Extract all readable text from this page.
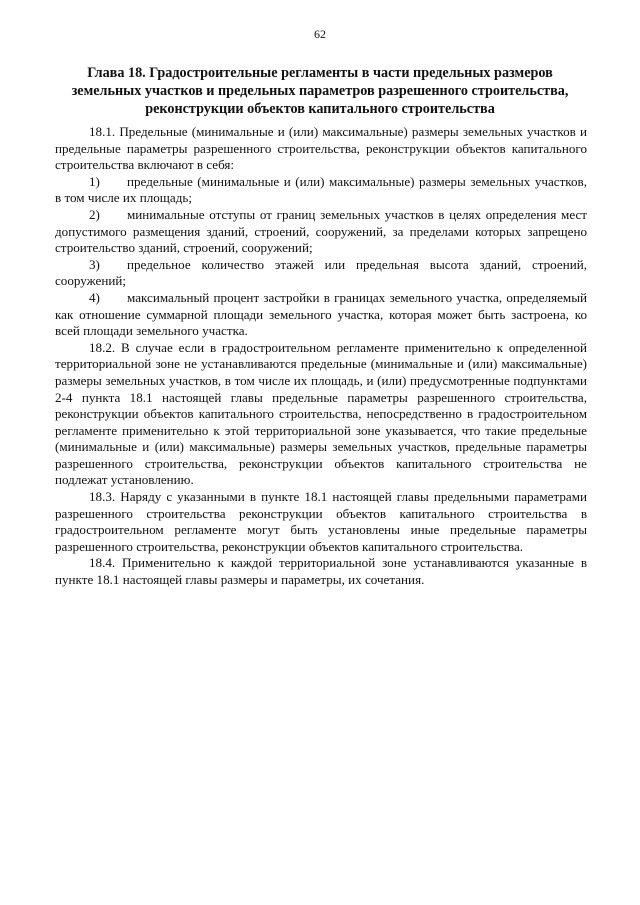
62
Глава 18. Градостроительные регламенты в части предельных размеров земельных участков и предельных параметров разрешенного строительства, реконструкции объектов капитального строительства

18.1. Предельные (минимальные и (или) максимальные) размеры земельных участков и предельные параметры разрешенного строительства, реконструкции объектов капитального строительства включают в себя:

1) предельные (минимальные и (или) максимальные) размеры земельных участков, в том числе их площадь;

2) минимальные отступы от границ земельных участков в целях определения мест допустимого размещения зданий, строений, сооружений, за пределами которых запрещено строительство зданий, строений, сооружений;

3) предельное количество этажей или предельная высота зданий, строений, сооружений;

4) максимальный процент застройки в границах земельного участка, определяемый как отношение суммарной площади земельного участка, которая может быть застроена, ко всей площади земельного участка.

18.2. В случае если в градостроительном регламенте применительно к определенной территориальной зоне не устанавливаются предельные (минимальные и (или) максимальные) размеры земельных участков, в том числе их площадь, и (или) предусмотренные подпунктами 2-4 пункта 18.1 настоящей главы предельные параметры разрешенного строительства, реконструкции объектов капитального строительства, непосредственно в градостроительном регламенте применительно к этой территориальной зоне указывается, что такие предельные (минимальные и (или) максимальные) размеры земельных участков, предельные параметры разрешенного строительства, реконструкции объектов капитального строительства не подлежат установлению.

18.3. Наряду с указанными в пункте 18.1 настоящей главы предельными параметрами разрешенного строительства реконструкции объектов капитального строительства в градостроительном регламенте могут быть установлены иные предельные параметры разрешенного строительства, реконструкции объектов капитального строительства.

18.4. Применительно к каждой территориальной зоне устанавливаются указанные в пункте 18.1 настоящей главы размеры и параметры, их сочетания.
